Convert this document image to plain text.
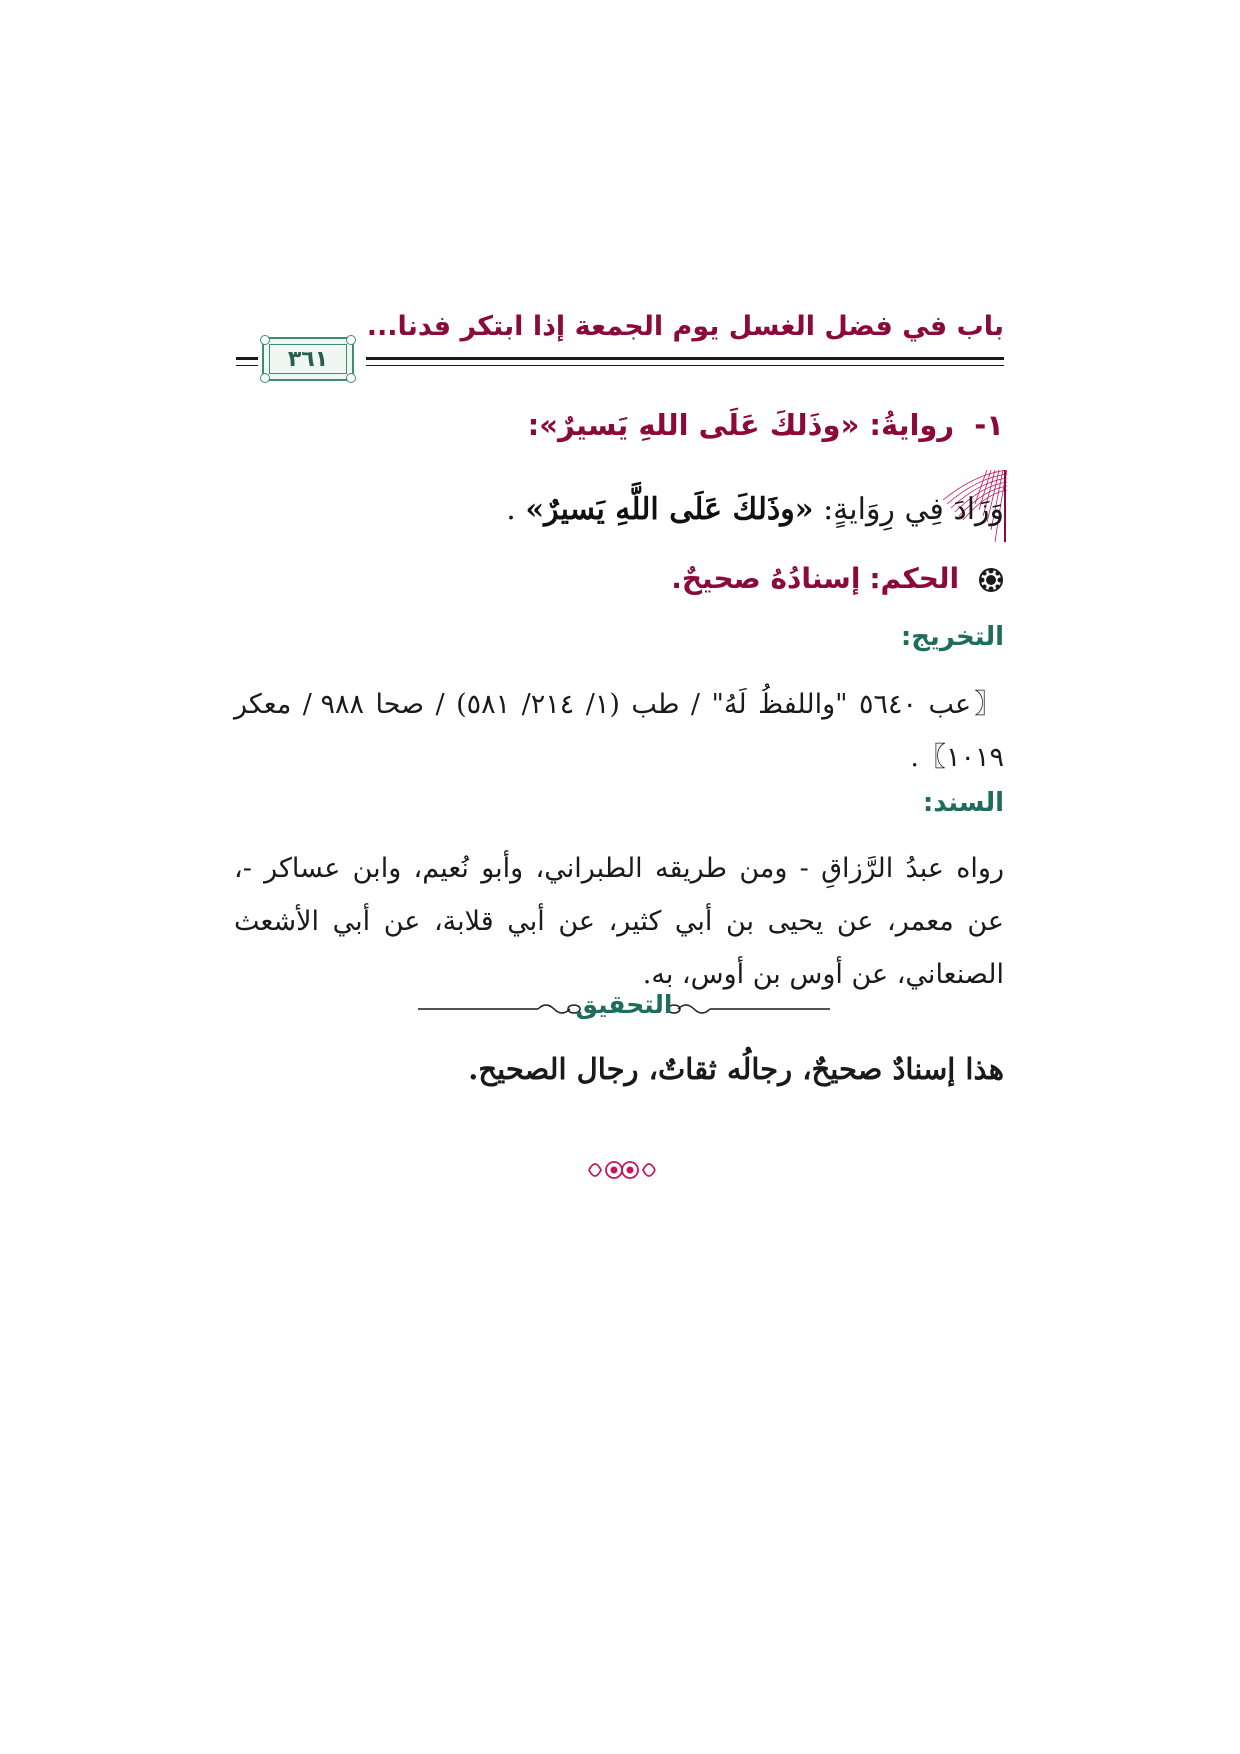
باب في فضل الغسل يوم الجمعة إذا ابتكر فدنا...
٣٦١
١- روايةُ: «وذَلكَ عَلَى اللهِ يَسيرٌ»:
وَزَادَ فِي رِوَايةٍ: «وذَلكَ عَلَى اللَّهِ يَسيرٌ» .
الحكم: إسنادُهُ صحيحٌ.
التخريج:
〖عب ٥٦٤٠ "واللفظُ لَهُ" / طب (١/ ٢١٤/ ٥٨١) / صحا ٩٨٨ / معكر ١٠١٩〗.
السند:
رواه عبدُ الرَّزاقِ - ومن طريقه الطبراني، وأبو نُعيم، وابن عساكر -، عن معمر، عن يحيى بن أبي كثير، عن أبي قلابة، عن أبي الأشعث الصنعاني، عن أوس بن أوس، به.
التحقيق
هذا إسنادٌ صحيحٌ، رجالُه ثقاتٌ، رجال الصحيح.
